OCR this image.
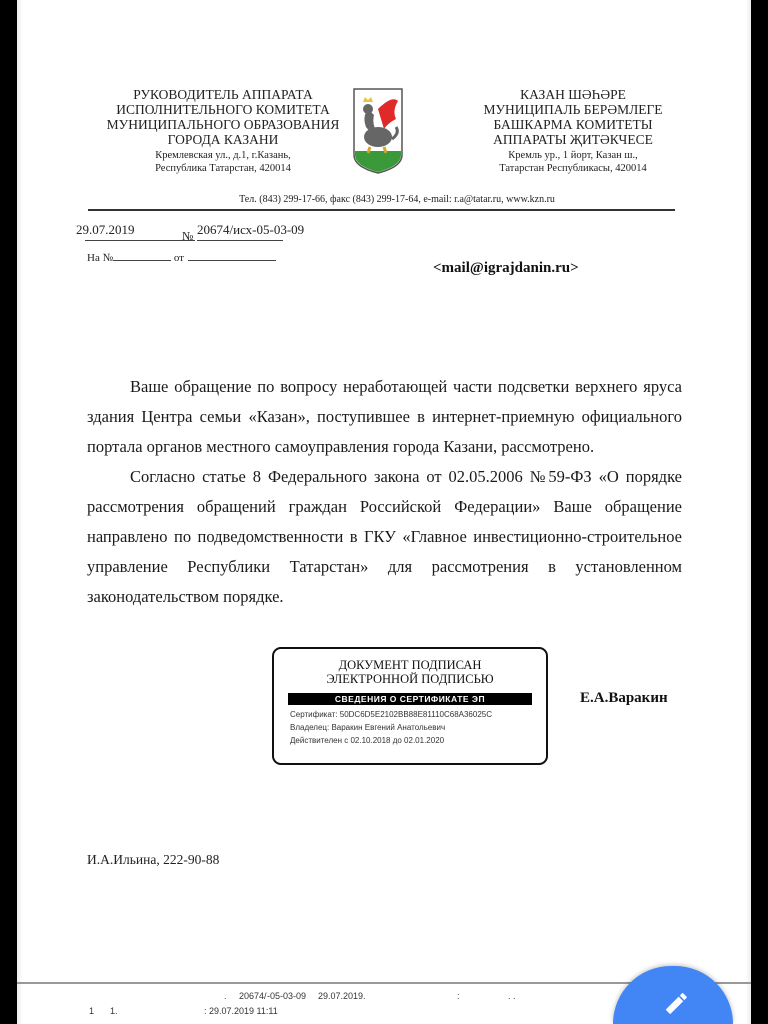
РУКОВОДИТЕЛЬ АППАРАТА
ИСПОЛНИТЕЛЬНОГО КОМИТЕТА
МУНИЦИПАЛЬНОГО ОБРАЗОВАНИЯ
ГОРОДА КАЗАНИ
Кремлевская ул., д.1, г.Казань,
Республика Татарстан, 420014
КАЗАН ШӘҺӘРЕ
МУНИЦИПАЛЬ БЕРӘМЛЕГЕ
БАШКАРМА КОМИТЕТЫ
АППАРАТЫ ҖИТӘКЧЕСЕ
Кремль ур., 1 йорт, Казан ш.,
Татарстан Республикасы, 420014
Тел. (843) 299-17-66, факс (843) 299-17-64, e-mail: r.a@tatar.ru, www.kzn.ru
29.07.2019	№ 20674/исх-05-03-09
На №	от
<mail@igrajdanin.ru>

Ваше обращение по вопросу неработающей части подсветки верхнего яруса здания Центра семьи «Казан», поступившее в интернет-приемную официального портала органов местного самоуправления города Казани, рассмотрено.

Согласно статье 8 Федерального закона от 02.05.2006 №59-ФЗ «О порядке рассмотрения обращений граждан Российской Федерации» Ваше обращение направлено по подведомственности в ГКУ «Главное инвестиционно-строительное управление Республики Татарстан» для рассмотрения в установленном законодательством порядке.

ДОКУМЕНТ ПОДПИСАН
ЭЛЕКТРОННОЙ ПОДПИСЬЮ
СВЕДЕНИЯ О СЕРТИФИКАТЕ ЭП
Сертификат: 50DC6D5E2102BB88E81110C68A36025C
Владелец: Варакин Евгений Анатольевич
Действителен с 02.10.2018 до 02.01.2020
Е.А.Варакин
И.А.Ильина, 222-90-88
. 20674/ -05-03-09 29.07.2019.	:	. .
1 1.	: 29.07.2019 11:11
